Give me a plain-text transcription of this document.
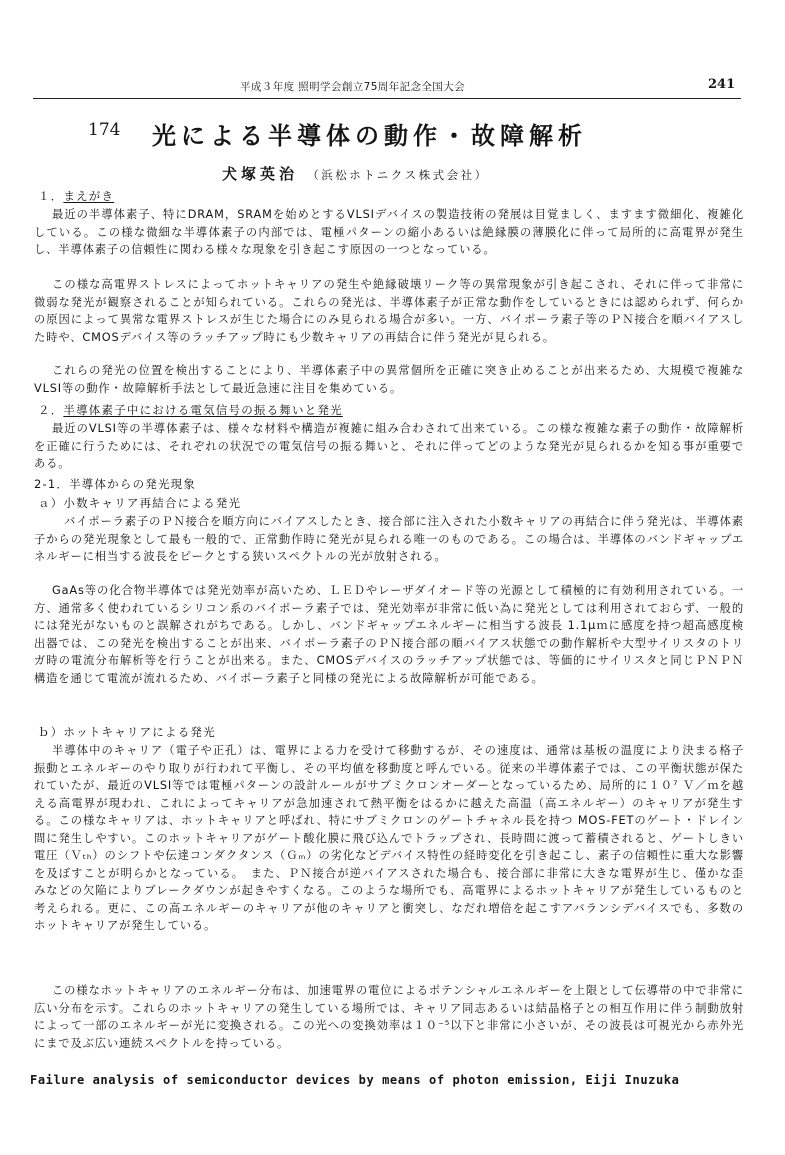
平成３年度 照明学会創立75周年記念全国大会	241
174 光による半導体の動作・故障解析
犬塚英治 （浜松ホトニクス株式会社）
１．まえがき

最近の半導体素子、特にDRAM，SRAMを始めとするVLSIデバイスの製造技術の発展は目覚ましく、ますます微細化、複雑化している。この様な微細な半導体素子の内部では、電極パターンの縮小あるいは絶縁膜の薄膜化に伴って局所的に高電界が発生し、半導体素子の信頼性に関わる様々な現象を引き起こす原因の一つとなっている。

この様な高電界ストレスによってホットキャリアの発生や絶縁破壊リーク等の異常現象が引き起こされ、それに伴って非常に微弱な発光が観察されることが知られている。これらの発光は、半導体素子が正常な動作をしているときには認められず、何らかの原因によって異常な電界ストレスが生じた場合にのみ見られる場合が多い。一方、バイポーラ素子等のＰＮ接合を順バイアスした時や、CMOSデバイス等のラッチアップ時にも少数キャリアの再結合に伴う発光が見られる。

これらの発光の位置を検出することにより、半導体素子中の異常個所を正確に突き止めることが出来るため、大規模で複雑なVLSI等の動作・故障解析手法として最近急速に注目を集めている。

２．半導体素子中における電気信号の振る舞いと発光

最近のVLSI等の半導体素子は、様々な材料や構造が複雑に組み合わされて出来ている。この様な複雑な素子の動作・故障解析を正確に行うためには、それぞれの状況での電気信号の振る舞いと、それに伴ってどのような発光が見られるかを知る事が重要である。

2-1．半導体からの発光現象
ａ）小数キャリア再結合による発光

バイポーラ素子のＰＮ接合を順方向にバイアスしたとき、接合部に注入された小数キャリアの再結合に伴う発光は、半導体素子からの発光現象として最も一般的で、正常動作時に発光が見られる唯一のものである。この場合は、半導体のバンドギャップエネルギーに相当する波長をピークとする狭いスペクトルの光が放射される。

GaAs等の化合物半導体では発光効率が高いため、ＬＥＤやレーザダイオード等の光源として積極的に有効利用されている。一方、通常多く使われているシリコン系のバイポーラ素子では、発光効率が非常に低い為に発光としては利用されておらず、一般的には発光がないものと誤解されがちである。しかし、バンドギャップエネルギーに相当する波長 1.1μｍに感度を持つ超高感度検出器では、この発光を検出することが出来、バイポーラ素子のＰＮ接合部の順バイアス状態での動作解析や大型サイリスタのトリガ時の電流分布解析等を行うことが出来る。また、CMOSデバイスのラッチアップ状態では、等価的にサイリスタと同じＰＮＰＮ構造を通じて電流が流れるため、バイポーラ素子と同様の発光による故障解析が可能である。

ｂ）ホットキャリアによる発光

半導体中のキャリア（電子や正孔）は、電界による力を受けて移動するが、その速度は、通常は基板の温度により決まる格子振動とエネルギーのやり取りが行われて平衡し、その平均値を移動度と呼んでいる。従来の半導体素子では、この平衡状態が保たれていたが、最近のVLSI等では電極パターンの設計ルールがサブミクロンオーダーとなっているため、局所的に１０⁷ Ｖ／ｍを越える高電界が現われ、これによってキャリアが急加速されて熱平衡をはるかに越えた高温（高エネルギー）のキャリアが発生する。この様なキャリアは、ホットキャリアと呼ばれ、特にサブミクロンのゲートチャネル長を持つ MOS-FETのゲート・ドレイン間に発生しやすい。このホットキャリアがゲート酸化膜に飛び込んでトラップされ、長時間に渡って蓄積されると、ゲートしきい電圧（Ｖₜₕ）のシフトや伝達コンダクタンス（Ｇₘ）の劣化などデバイス特性の経時変化を引き起こし、素子の信頼性に重大な影響を及ぼすことが明らかとなっている。　また、ＰＮ接合が逆バイアスされた場合も、接合部に非常に大きな電界が生じ、僅かな歪みなどの欠陥によりブレークダウンが起きやすくなる。このような場所でも、高電界によるホットキャリアが発生しているものと考えられる。更に、この高エネルギーのキャリアが他のキャリアと衝突し、なだれ増倍を起こすアバランシデバイスでも、多数のホットキャリアが発生している。

この様なホットキャリアのエネルギー分布は、加速電界の電位によるポテンシャルエネルギーを上限として伝導帯の中で非常に広い分布を示す。これらのホットキャリアの発生している場所では、キャリア同志あるいは結晶格子との相互作用に伴う制動放射によって一部のエネルギーが光に変換される。この光への変換効率は１０⁻⁵以下と非常に小さいが、その波長は可視光から赤外光にまで及ぶ広い連続スペクトルを持っている。

Failure analysis of semiconductor devices by means of photon emission, Eiji Inuzuka
